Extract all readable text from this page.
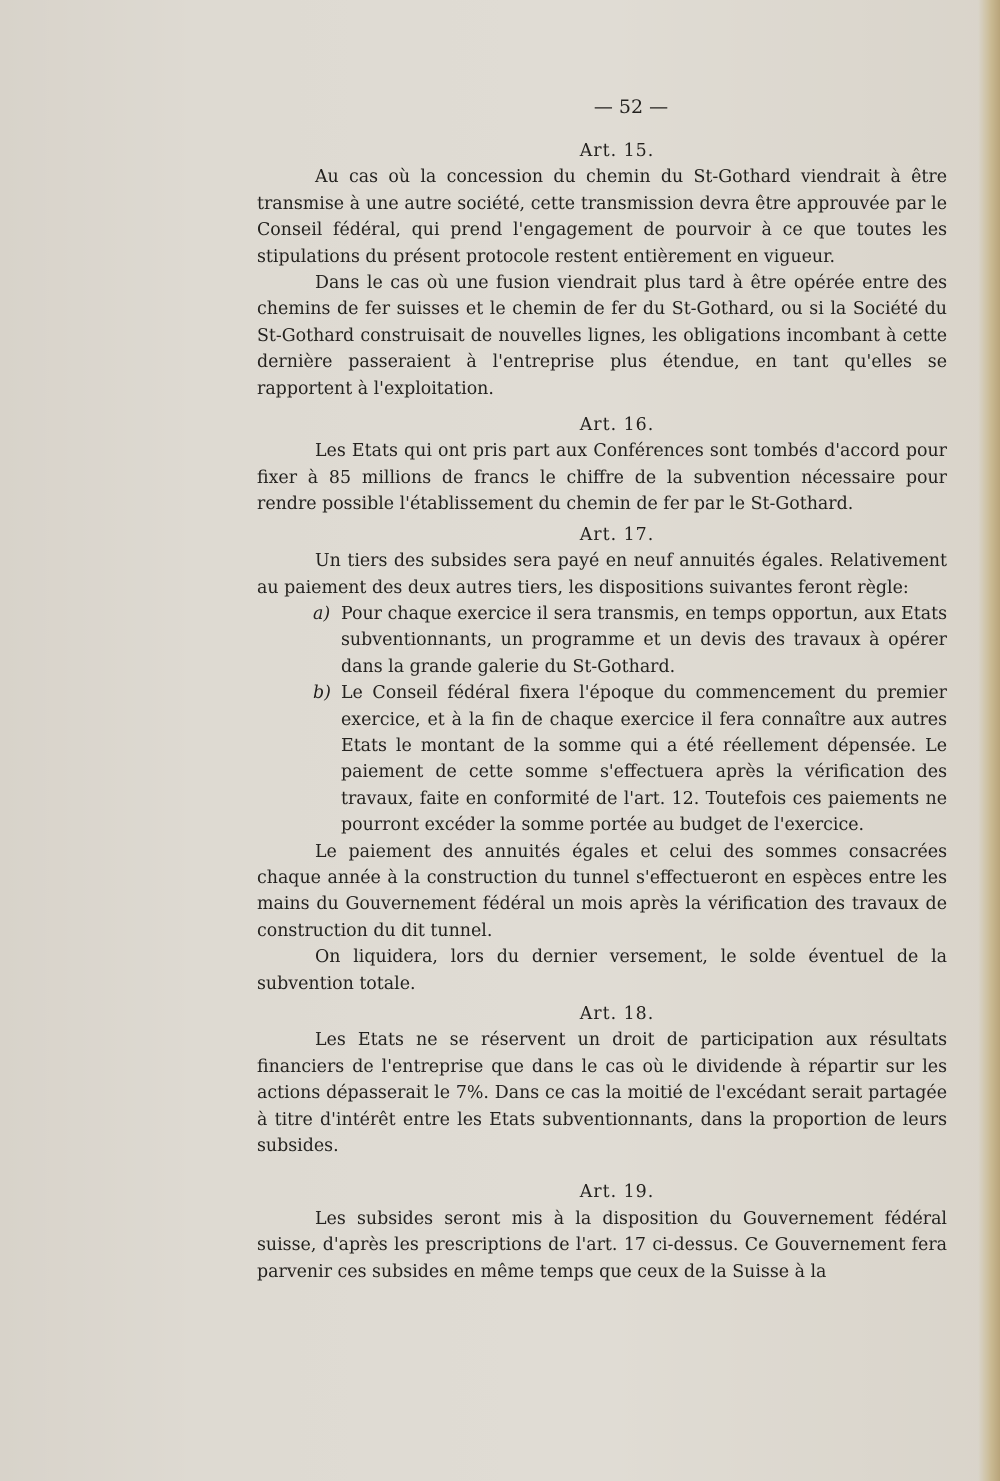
— 52 —
Art. 15.

Au cas où la concession du chemin du St-Gothard viendrait à être transmise à une autre société, cette transmission devra être approuvée par le Conseil fédéral, qui prend l'engagement de pourvoir à ce que toutes les stipulations du présent protocole restent entièrement en vigueur.

Dans le cas où une fusion viendrait plus tard à être opérée entre des chemins de fer suisses et le chemin de fer du St-Gothard, ou si la Société du St-Gothard construisait de nouvelles lignes, les obligations incombant à cette dernière passeraient à l'entreprise plus étendue, en tant qu'elles se rapportent à l'exploitation.

Art. 16.

Les Etats qui ont pris part aux Conférences sont tombés d'accord pour fixer à 85 millions de francs le chiffre de la subvention nécessaire pour rendre possible l'établissement du chemin de fer par le St-Gothard.

Art. 17.

Un tiers des subsides sera payé en neuf annuités égales. Relativement au paiement des deux autres tiers, les dispositions suivantes feront règle:

a) Pour chaque exercice il sera transmis, en temps opportun, aux Etats subventionnants, un programme et un devis des travaux à opérer dans la grande galerie du St-Gothard.
b) Le Conseil fédéral fixera l'époque du commencement du premier exercice, et à la fin de chaque exercice il fera connaître aux autres Etats le montant de la somme qui a été réellement dépensée. Le paiement de cette somme s'effectuera après la vérification des travaux, faite en conformité de l'art. 12. Toutefois ces paiements ne pourront excéder la somme portée au budget de l'exercice.

Le paiement des annuités égales et celui des sommes consacrées chaque année à la construction du tunnel s'effectueront en espèces entre les mains du Gouvernement fédéral un mois après la vérification des travaux de construction du dit tunnel.

On liquidera, lors du dernier versement, le solde éventuel de la subvention totale.

Art. 18.

Les Etats ne se réservent un droit de participation aux résultats financiers de l'entreprise que dans le cas où le dividende à répartir sur les actions dépasserait le 7%. Dans ce cas la moitié de l'excédant serait partagée à titre d'intérêt entre les Etats subventionnants, dans la proportion de leurs subsides.

Art. 19.

Les subsides seront mis à la disposition du Gouvernement fédéral suisse, d'après les prescriptions de l'art. 17 ci-dessus. Ce Gouvernement fera parvenir ces subsides en même temps que ceux de la Suisse à la
